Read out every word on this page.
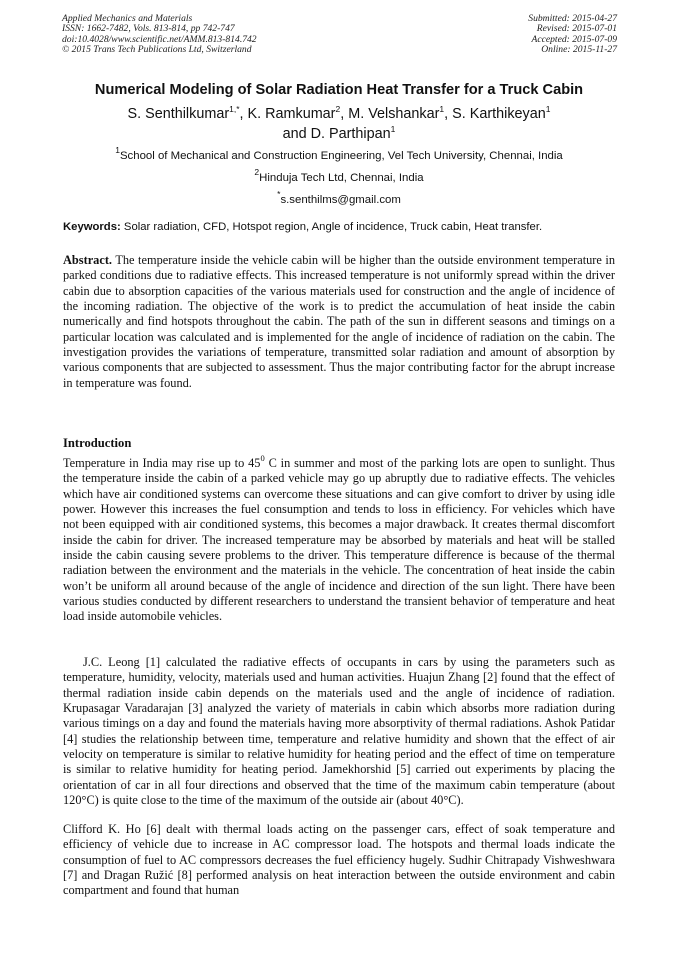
Applied Mechanics and Materials
ISSN: 1662-7482, Vols. 813-814, pp 742-747
doi:10.4028/www.scientific.net/AMM.813-814.742
© 2015 Trans Tech Publications Ltd, Switzerland
Submitted: 2015-04-27
Revised: 2015-07-01
Accepted: 2015-07-09
Online: 2015-11-27
Numerical Modeling of Solar Radiation Heat Transfer for a Truck Cabin
S. Senthilkumar$^{1,*}$, K. Ramkumar$^2$, M. Velshankar$^1$, S. Karthikeyan$^1$
and D. Parthipan$^1$
$^1$School of Mechanical and Construction Engineering, Vel Tech University, Chennai, India
$^2$Hinduja Tech Ltd, Chennai, India
*s.senthilms@gmail.com
Keywords: Solar radiation, CFD, Hotspot region, Angle of incidence, Truck cabin, Heat transfer.

Abstract. The temperature inside the vehicle cabin will be higher than the outside environment temperature in parked conditions due to radiative effects. This increased temperature is not uniformly spread within the driver cabin due to absorption capacities of the various materials used for construction and the angle of incidence of the incoming radiation. The objective of the work is to predict the accumulation of heat inside the cabin numerically and find hotspots throughout the cabin. The path of the sun in different seasons and timings on a particular location was calculated and is implemented for the angle of incidence of radiation on the cabin. The investigation provides the variations of temperature, transmitted solar radiation and amount of absorption by various components that are subjected to assessment. Thus the major contributing factor for the abrupt increase in temperature was found.

Introduction

Temperature in India may rise up to $45^0$ C in summer and most of the parking lots are open to sunlight. Thus the temperature inside the cabin of a parked vehicle may go up abruptly due to radiative effects. The vehicles which have air conditioned systems can overcome these situations and can give comfort to driver by using idle power. However this increases the fuel consumption and tends to loss in efficiency. For vehicles which have not been equipped with air conditioned systems, this becomes a major drawback. It creates thermal discomfort inside the cabin for driver. The increased temperature may be absorbed by materials and heat will be stalled inside the cabin causing severe problems to the driver. This temperature difference is because of the thermal radiation between the environment and the materials in the vehicle. The concentration of heat inside the cabin won’t be uniform all around because of the angle of incidence and direction of the sun light. There have been various studies conducted by different researchers to understand the transient behavior of temperature and heat load inside automobile vehicles.

J.C. Leong [1] calculated the radiative effects of occupants in cars by using the parameters such as temperature, humidity, velocity, materials used and human activities. Huajun Zhang [2] found that the effect of thermal radiation inside cabin depends on the materials used and the angle of incidence of radiation. Krupasagar Varadarajan [3] analyzed the variety of materials in cabin which absorbs more radiation during various timings on a day and found the materials having more absorptivity of thermal radiations. Ashok Patidar [4] studies the relationship between time, temperature and relative humidity and shown that the effect of air velocity on temperature is similar to relative humidity for heating period and the effect of time on temperature is similar to relative humidity for heating period. Jamekhorshid [5] carried out experiments by placing the orientation of car in all four directions and observed that the time of the maximum cabin temperature (about 120°C) is quite close to the time of the maximum of the outside air (about 40°C).

Clifford K. Ho [6] dealt with thermal loads acting on the passenger cars, effect of soak temperature and efficiency of vehicle due to increase in AC compressor load. The hotspots and thermal loads indicate the consumption of fuel to AC compressors decreases the fuel efficiency hugely. Sudhir Chitrapady Vishweshwara [7] and Dragan Ružić [8] performed analysis on heat interaction between the outside environment and cabin compartment and found that human
